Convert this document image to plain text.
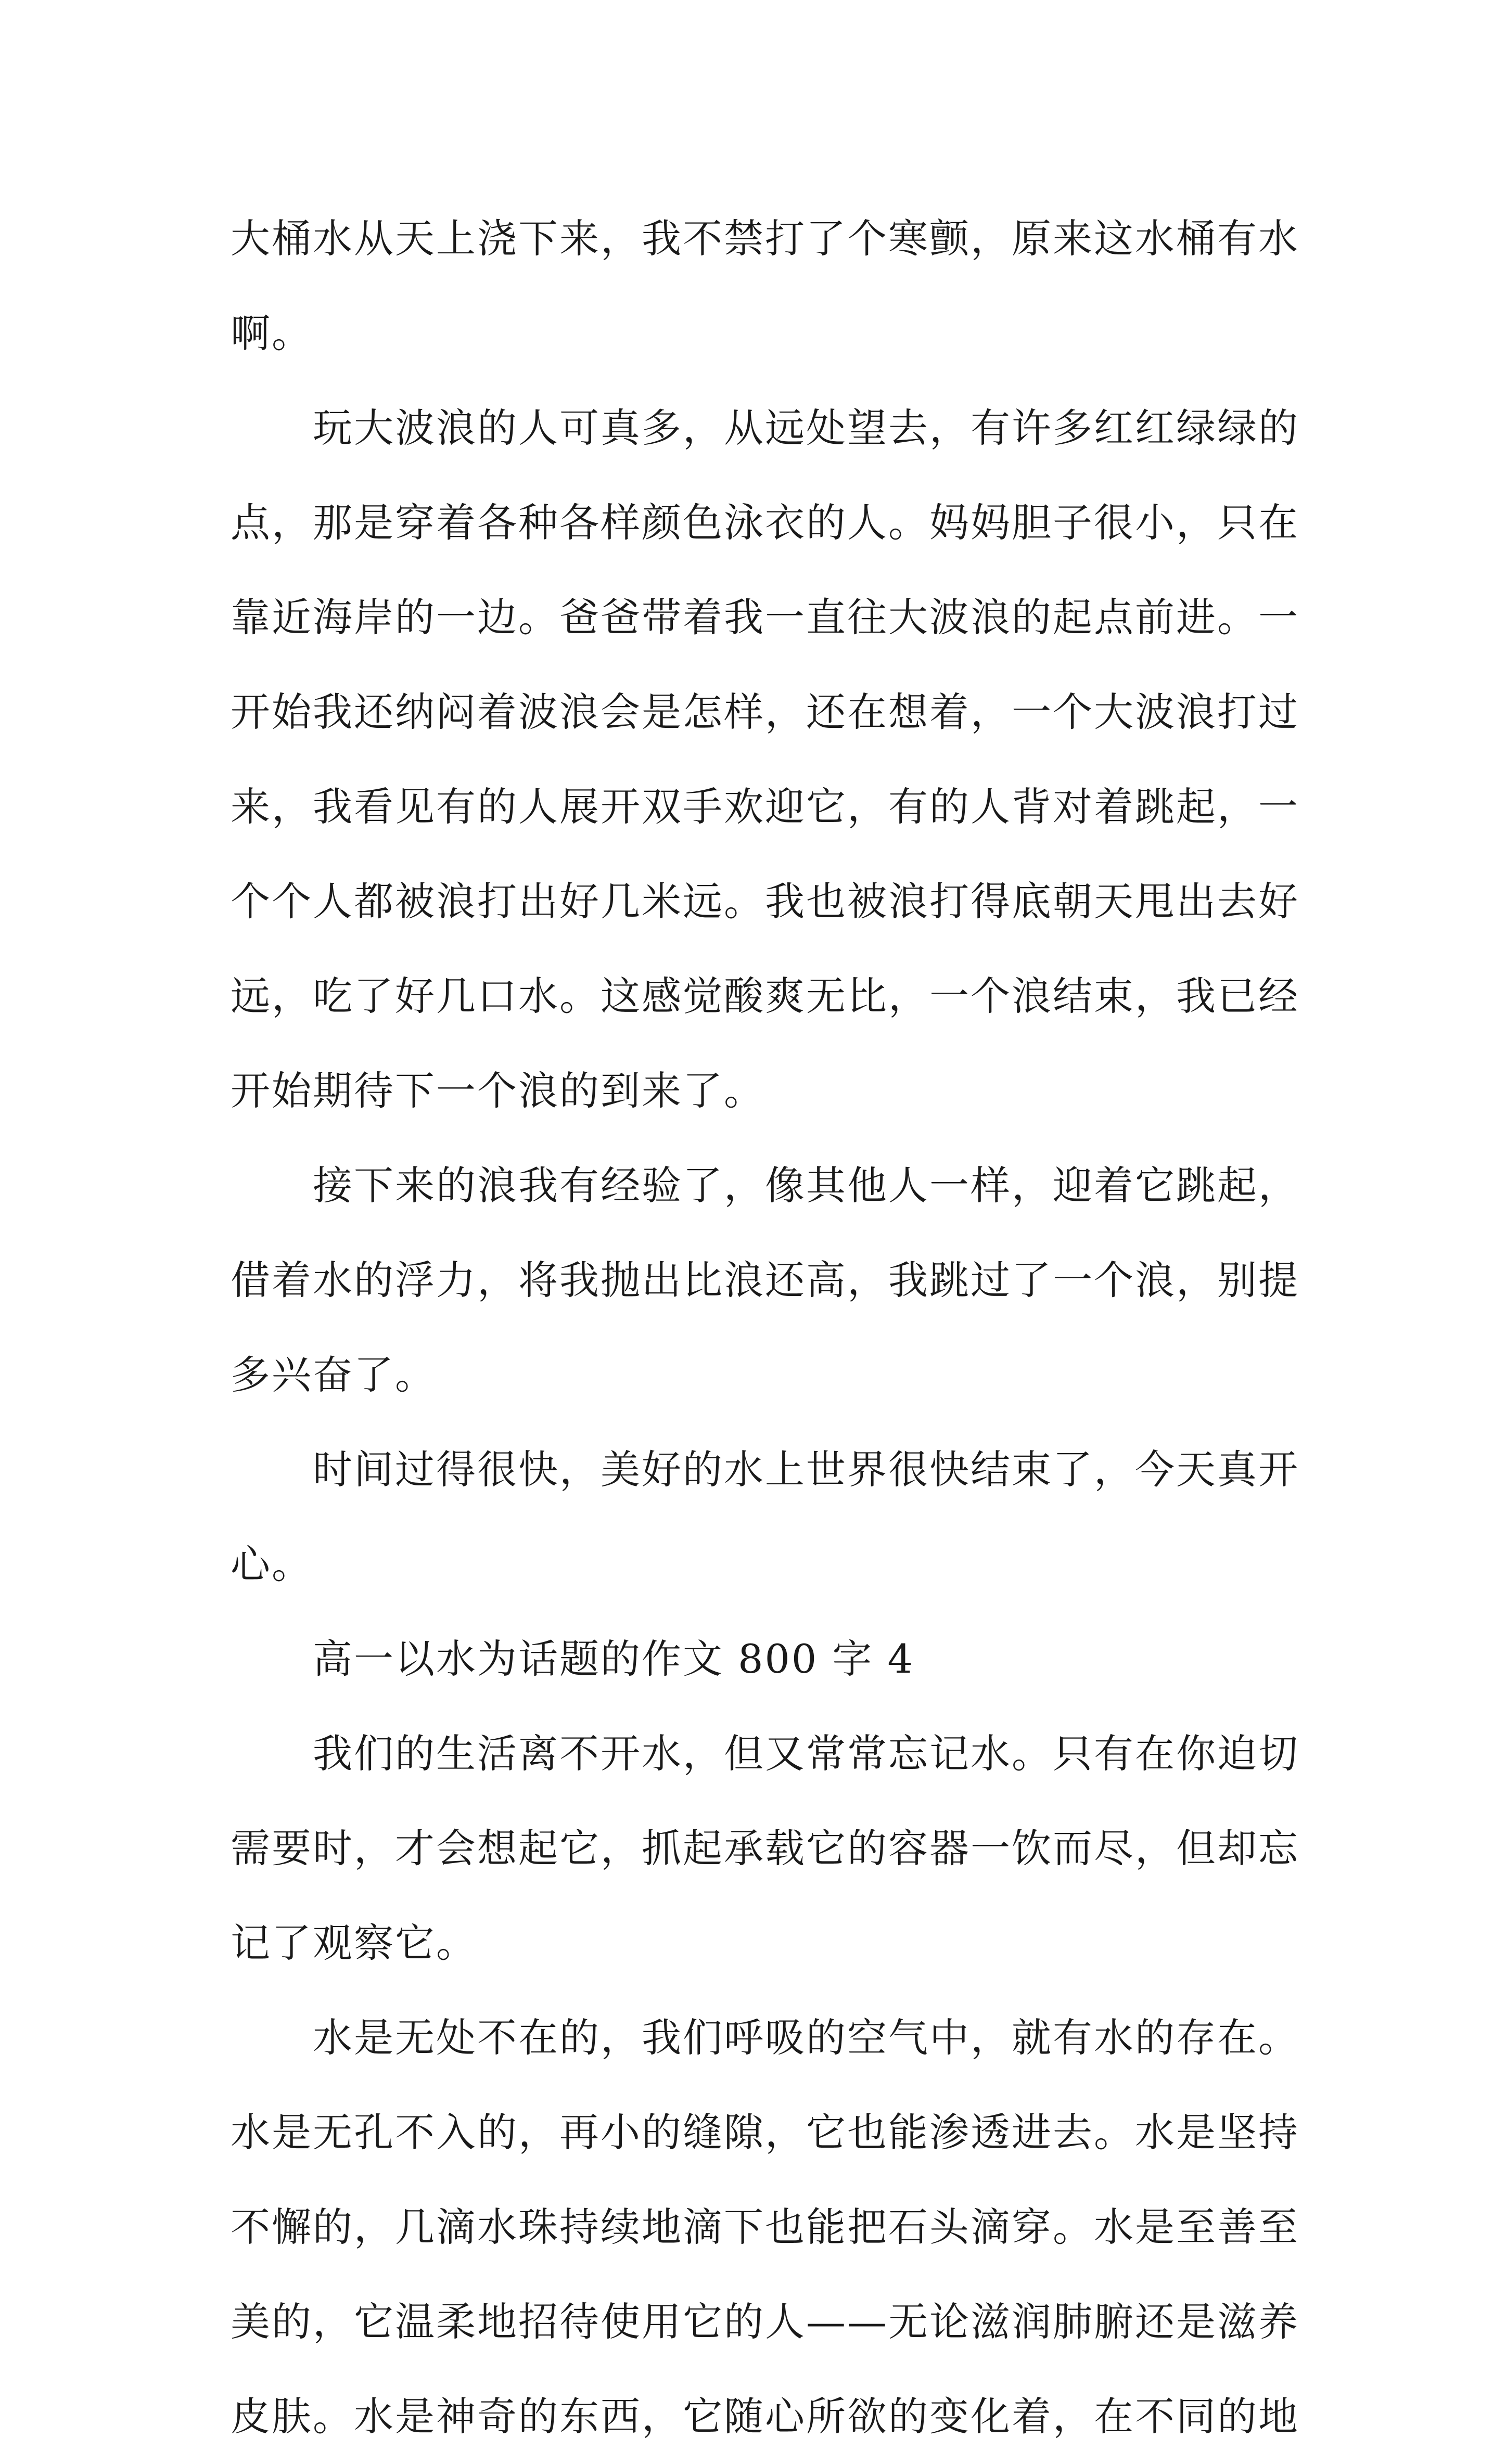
大桶水从天上浇下来，我不禁打了个寒颤，原来这水桶有水
啊。
玩大波浪的人可真多，从远处望去，有许多红红绿绿的
点，那是穿着各种各样颜色泳衣的人。妈妈胆子很小，只在
靠近海岸的一边。爸爸带着我一直往大波浪的起点前进。一
开始我还纳闷着波浪会是怎样，还在想着，一个大波浪打过
来，我看见有的人展开双手欢迎它，有的人背对着跳起，一
个个人都被浪打出好几米远。我也被浪打得底朝天甩出去好
远，吃了好几口水。这感觉酸爽无比，一个浪结束，我已经
开始期待下一个浪的到来了。
接下来的浪我有经验了，像其他人一样，迎着它跳起，
借着水的浮力，将我抛出比浪还高，我跳过了一个浪，别提
多兴奋了。
时间过得很快，美好的水上世界很快结束了，今天真开
心。
高一以水为话题的作文 800 字 4
我们的生活离不开水，但又常常忘记水。只有在你迫切
需要时，才会想起它，抓起承载它的容器一饮而尽，但却忘
记了观察它。
水是无处不在的，我们呼吸的空气中，就有水的存在。
水是无孔不入的，再小的缝隙，它也能渗透进去。水是坚持
不懈的，几滴水珠持续地滴下也能把石头滴穿。水是至善至
美的，它温柔地招待使用它的人——无论滋润肺腑还是滋养
皮肤。水是神奇的东西，它随心所欲的变化着，在不同的地
